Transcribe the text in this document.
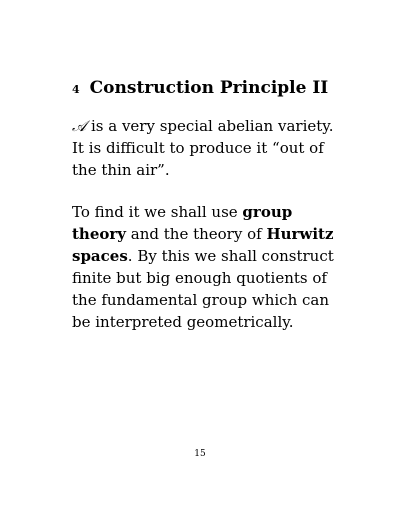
4 Construction Principle II

𝒜 is a very special abelian variety. It is difficult to produce it “out of the thin air”.

To find it we shall use group theory and the theory of Hurwitz spaces. By this we shall construct finite but big enough quotients of the fundamental group which can be interpreted geometrically.

15
